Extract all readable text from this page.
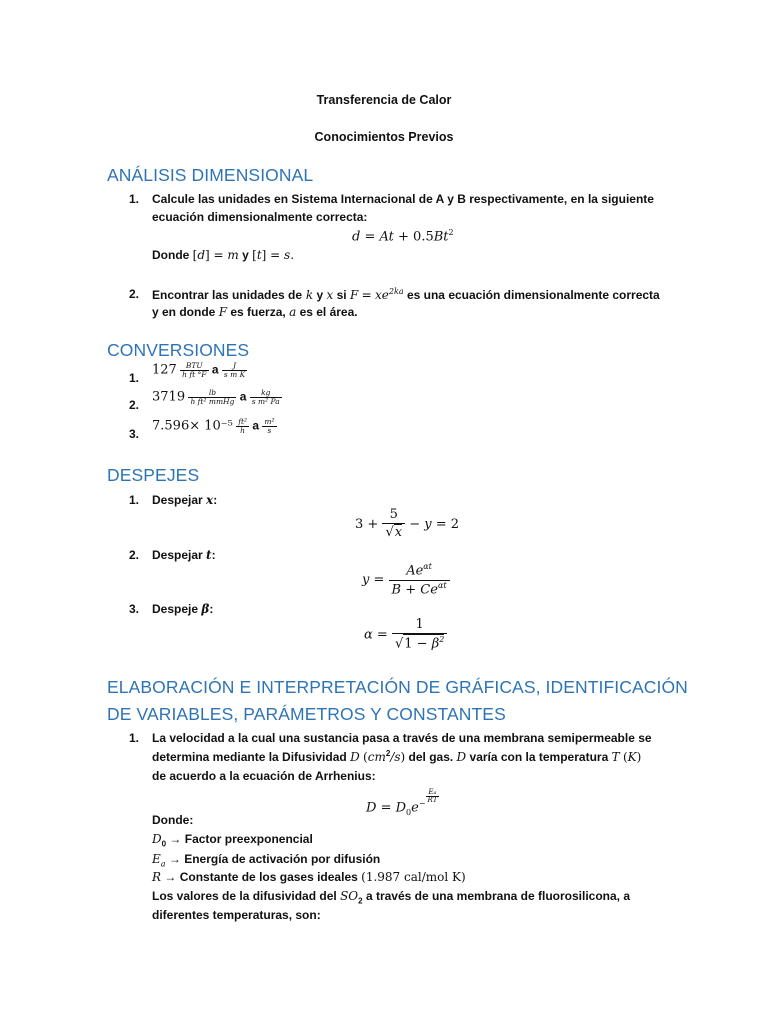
Transferencia de Calor
Conocimientos Previos
ANÁLISIS DIMENSIONAL
1. Calcule las unidades en Sistema Internacional de A y B respectivamente, en la siguiente
ecuación dimensionalmente correcta:
$d = At + 0.5Bt^2$
Donde [d] = m y [t] = s.
2. Encontrar las unidades de k y x si $F = xe^{2ka}$ es una ecuación dimensionalmente correcta
y en donde F es fuerza, a es el área.
CONVERSIONES
1.
$127 \frac{\text{BTU}}{\text{h ft °F}}$ a $\frac{J}{\text{s m K}}$
2.
$3719 \frac{lb}{\text{h ft² mmHg}}$ a $\frac{kg}{\text{s m² Pa}}$
3.
$7.596\times 10^{-5} \frac{\text{ft²}}{h}$ a $\frac{\text{m²}}{s}$
DESPEJES
1. Despejar x:
$3 + \frac{5}{√x} - y = 2$
2. Despejar t:
y =
$Ae^{\alpha t}$
$B + Ce^{\alpha t}$
3. Despeje β:
$\alpha = \frac{1}{√1 - \beta^2}$
ELABORACIÓN E INTERPRETACIÓN DE GRÁFICAS, IDENTIFICACIÓN
DE VARIABLES, PARÁMETROS Y CONSTANTES
1. La velocidad a la cual una sustancia pasa a través de una membrana semipermeable se
determina mediante la Difusividad D $(cm^2/s)$ del gas. D varía con la temperatura T (K)
de acuerdo a la ecuación de Arrhenius:
$D = D_0e^{- \frac{Ea}{RT}}$
Donde:
$D_0$ → Factor preexponencial
$E_a$ → Energía de activación por difusión
R → Constante de los gases ideales (1.987 cal/mol K)
Los valores de la difusividad del $SO_2$ a través de una membrana de fluorosilicona, a
diferentes temperaturas, son:
